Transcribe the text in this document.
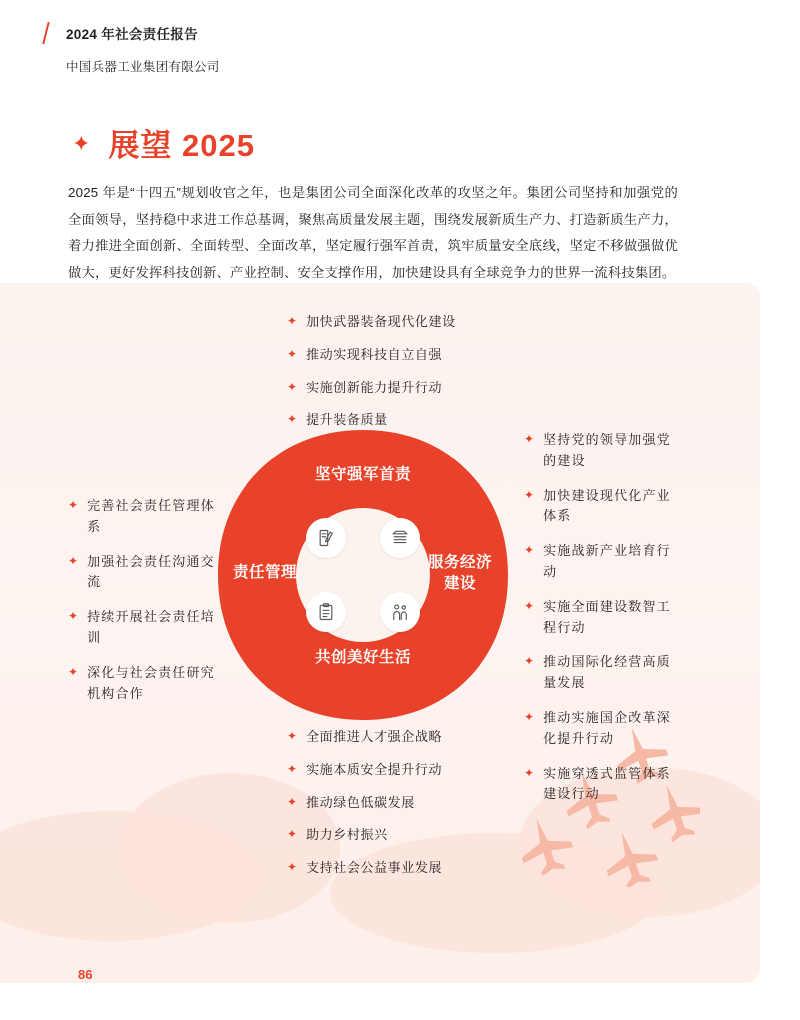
2024 年社会责任报告
中国兵器工业集团有限公司
✦ 展望 2025
2025 年是“十四五”规划收官之年，也是集团公司全面深化改革的攻坚之年。集团公司坚持和加强党的全面领导，坚持稳中求进工作总基调，聚焦高质量发展主题，围绕发展新质生产力、打造新质生产力，着力推进全面创新、全面转型、全面改革，坚定履行强军首责，筑牢质量安全底线，坚定不移做强做优做大，更好发挥科技创新、产业控制、安全支撑作用，加快建设具有全球竞争力的世界一流科技集团。
坚守强军首责
服务经济
建设
共创美好生活
责任管理
✦ 加快武器装备现代化建设
✦ 推动实现科技自立自强
✦ 实施创新能力提升行动
✦ 提升装备质量
✦ 完善社会责任管理体系
✦ 加强社会责任沟通交流
✦ 持续开展社会责任培训
✦ 深化与社会责任研究机构合作
✦ 坚持党的领导加强党的建设
✦ 加快建设现代化产业体系
✦ 实施战新产业培育行动
✦ 实施全面建设数智工程行动
✦ 推动国际化经营高质量发展
✦ 推动实施国企改革深化提升行动
✦ 实施穿透式监管体系建设行动
✦ 全面推进人才强企战略
✦ 实施本质安全提升行动
✦ 推动绿色低碳发展
✦ 助力乡村振兴
✦ 支持社会公益事业发展
86
